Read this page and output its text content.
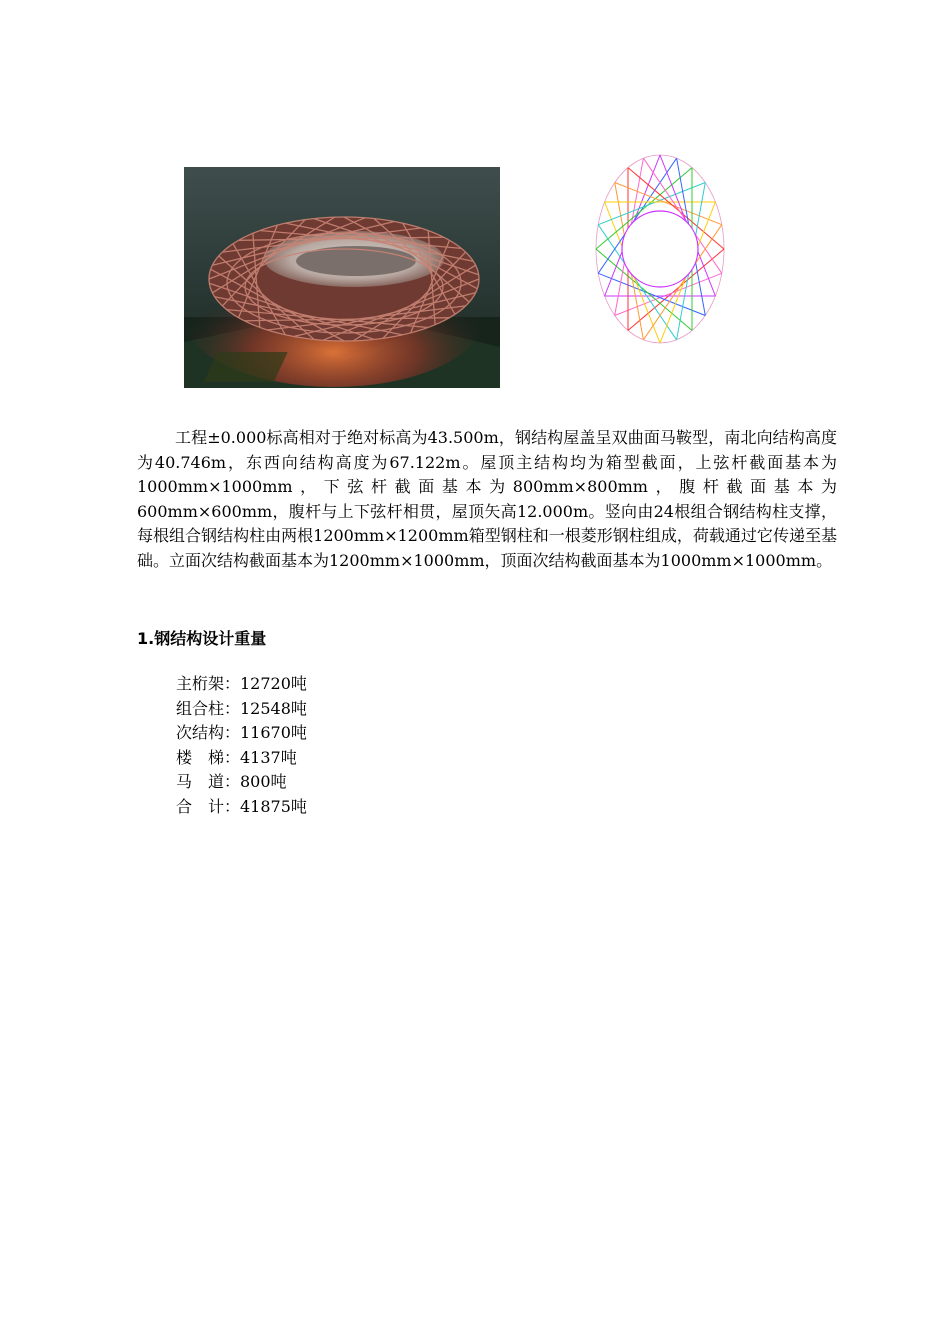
工程±0.000标高相对于绝对标高为43.500m，钢结构屋盖呈双曲面马鞍型，南北向结构高度为40.746m，东西向结构高度为67.122m。屋顶主结构均为箱型截面，上弦杆截面基本为1000mm×1000mm，下弦杆截面基本为800mm×800mm，腹杆截面基本为600mm×600mm，腹杆与上下弦杆相贯，屋顶矢高12.000m。竖向由24根组合钢结构柱支撑，每根组合钢结构柱由两根1200mm×1200mm箱型钢柱和一根菱形钢柱组成，荷载通过它传递至基础。立面次结构截面基本为1200mm×1000mm，顶面次结构截面基本为1000mm×1000mm。

1.钢结构设计重量
主桁架：12720吨
组合柱：12548吨
次结构：11670吨
楼　梯：4137吨
马　道：800吨
合　计：41875吨
